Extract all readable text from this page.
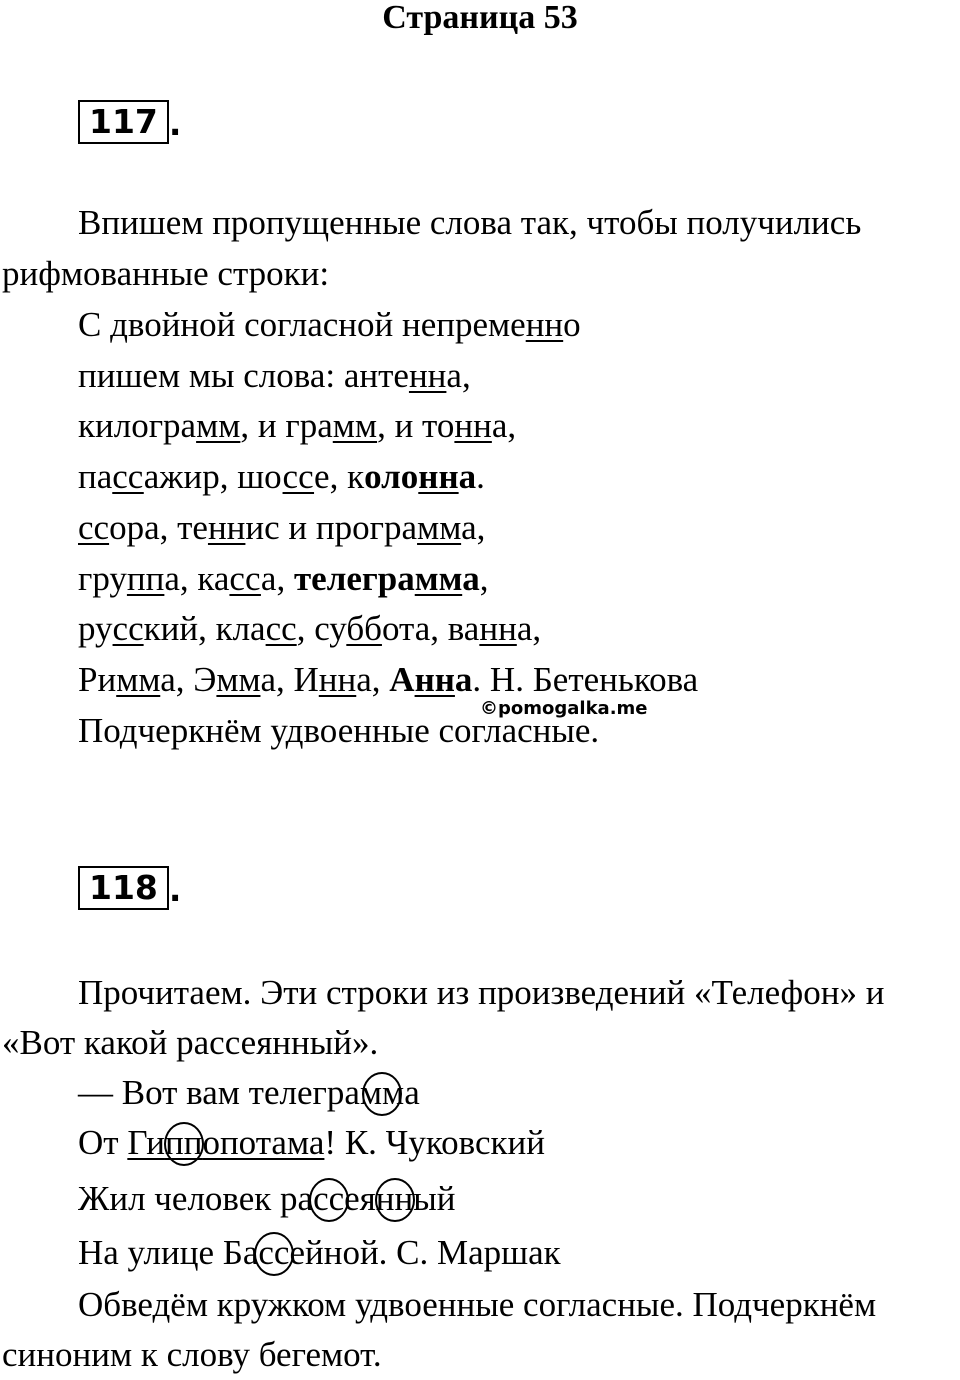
Страница 53
117 .
Впишем пропущенные слова так, чтобы получились
рифмованные строки:
С двойной согласной непременно
пишем мы слова: антенна,
килограмм, и грамм, и тонна,
пассажир, шоссе, колонна.
ссора, теннис и программа,
группа, касса, телеграмма,
русский, класс, суббота, ванна,
Римма, Эмма, Инна, Анна. Н. Бетенькова
Подчеркнём удвоенные согласные.
©pomogalka.me
118 .
Прочитаем. Эти строки из произведений «Телефон» и
«Вот какой рассеянный».
— Вот вам телеграмма
От Гиппопотама! К. Чуковский
Жил человек рассеянный
На улице Бассейной. С. Маршак
Обведём кружком удвоенные согласные. Подчеркнём
синоним к слову бегемот.
